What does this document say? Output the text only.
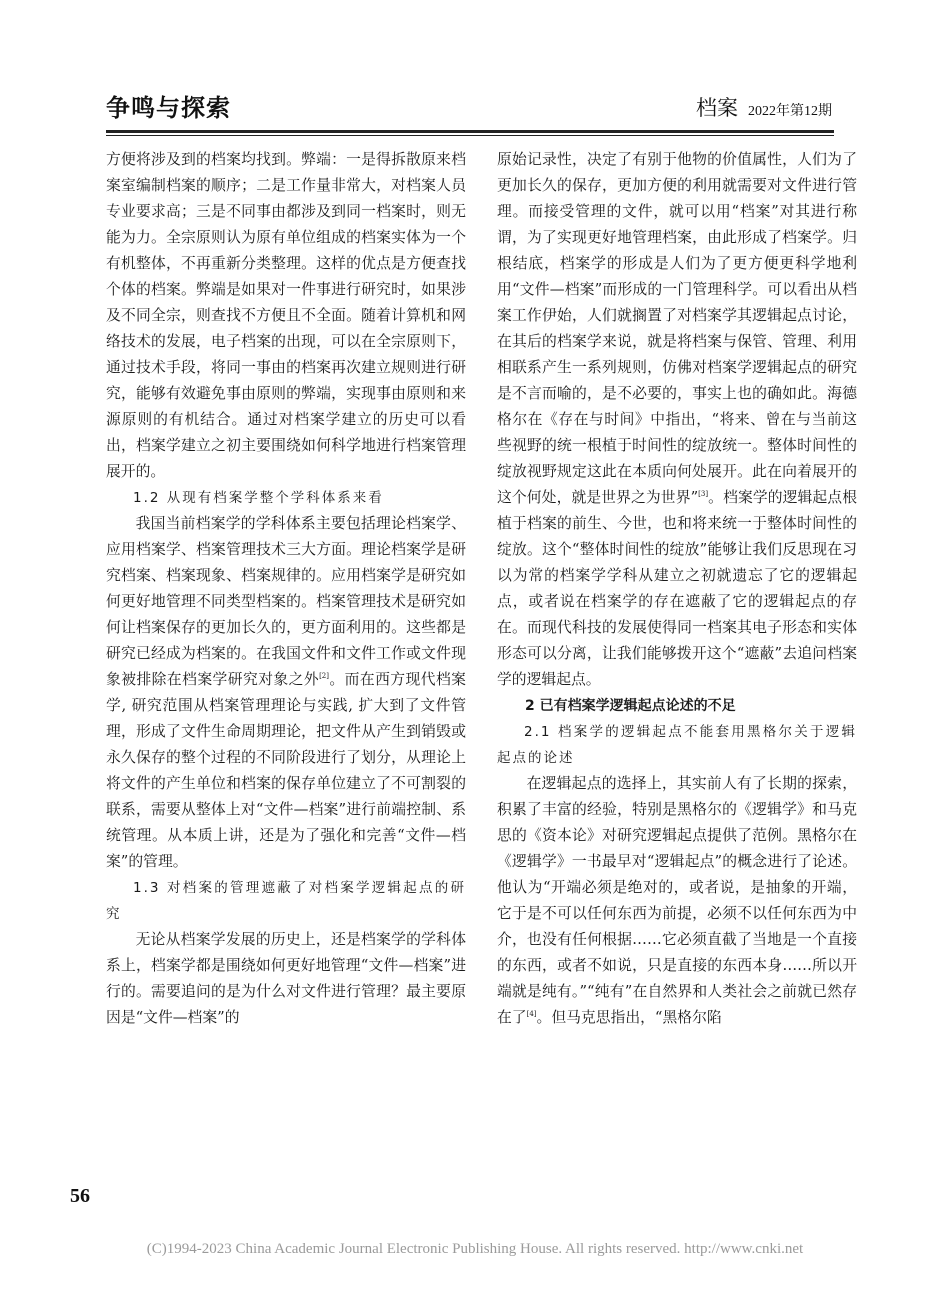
争鸣与探索	档案 2022年第12期

方便将涉及到的档案均找到。弊端：一是得拆散原来档案室编制档案的顺序；二是工作量非常大，对档案人员专业要求高；三是不同事由都涉及到同一档案时，则无能为力。全宗原则认为原有单位组成的档案实体为一个有机整体，不再重新分类整理。这样的优点是方便查找个体的档案。弊端是如果对一件事进行研究时，如果涉及不同全宗，则查找不方便且不全面。随着计算机和网络技术的发展，电子档案的出现，可以在全宗原则下，通过技术手段，将同一事由的档案再次建立规则进行研究，能够有效避免事由原则的弊端，实现事由原则和来源原则的有机结合。通过对档案学建立的历史可以看出，档案学建立之初主要围绕如何科学地进行档案管理展开的。

1.2 从现有档案学整个学科体系来看

我国当前档案学的学科体系主要包括理论档案学、应用档案学、档案管理技术三大方面。理论档案学是研究档案、档案现象、档案规律的。应用档案学是研究如何更好地管理不同类型档案的。档案管理技术是研究如何让档案保存的更加长久的，更方面利用的。这些都是研究已经成为档案的。在我国文件和文件工作或文件现象被排除在档案学研究对象之外[2]。而在西方现代档案学, 研究范围从档案管理理论与实践, 扩大到了文件管理，形成了文件生命周期理论，把文件从产生到销毁或永久保存的整个过程的不同阶段进行了划分，从理论上将文件的产生单位和档案的保存单位建立了不可割裂的联系，需要从整体上对“文件—档案”进行前端控制、系统管理。从本质上讲，还是为了强化和完善“文件—档案”的管理。

1.3 对档案的管理遮蔽了对档案学逻辑起点的研究

无论从档案学发展的历史上，还是档案学的学科体系上，档案学都是围绕如何更好地管理“文件—档案”进行的。需要追问的是为什么对文件进行管理？最主要原因是“文件—档案”的

原始记录性，决定了有别于他物的价值属性，人们为了更加长久的保存，更加方便的利用就需要对文件进行管理。而接受管理的文件，就可以用“档案”对其进行称谓，为了实现更好地管理档案，由此形成了档案学。归根结底，档案学的形成是人们为了更方便更科学地利用“文件—档案”而形成的一门管理科学。可以看出从档案工作伊始，人们就搁置了对档案学其逻辑起点讨论，在其后的档案学来说，就是将档案与保管、管理、利用相联系产生一系列规则，仿佛对档案学逻辑起点的研究是不言而喻的，是不必要的，事实上也的确如此。海德格尔在《存在与时间》中指出，“将来、曾在与当前这些视野的统一根植于时间性的绽放统一。整体时间性的绽放视野规定这此在本质向何处展开。此在向着展开的这个何处，就是世界之为世界”[3]。档案学的逻辑起点根植于档案的前生、今世，也和将来统一于整体时间性的绽放。这个“整体时间性的绽放”能够让我们反思现在习以为常的档案学学科从建立之初就遗忘了它的逻辑起点，或者说在档案学的存在遮蔽了它的逻辑起点的存在。而现代科技的发展使得同一档案其电子形态和实体形态可以分离，让我们能够拨开这个“遮蔽”去追问档案学的逻辑起点。

2 已有档案学逻辑起点论述的不足

2.1 档案学的逻辑起点不能套用黑格尔关于逻辑起点的论述

在逻辑起点的选择上，其实前人有了长期的探索，积累了丰富的经验，特别是黑格尔的《逻辑学》和马克思的《资本论》对研究逻辑起点提供了范例。黑格尔在《逻辑学》一书最早对“逻辑起点”的概念进行了论述。他认为“开端必须是绝对的，或者说，是抽象的开端，它于是不可以任何东西为前提，必须不以任何东西为中介，也没有任何根据……它必须直截了当地是一个直接的东西，或者不如说，只是直接的东西本身……所以开端就是纯有。”“纯有”在自然界和人类社会之前就已然存在了[4]。但马克思指出，“黑格尔陷

56
(C)1994-2023 China Academic Journal Electronic Publishing House. All rights reserved. http://www.cnki.net
